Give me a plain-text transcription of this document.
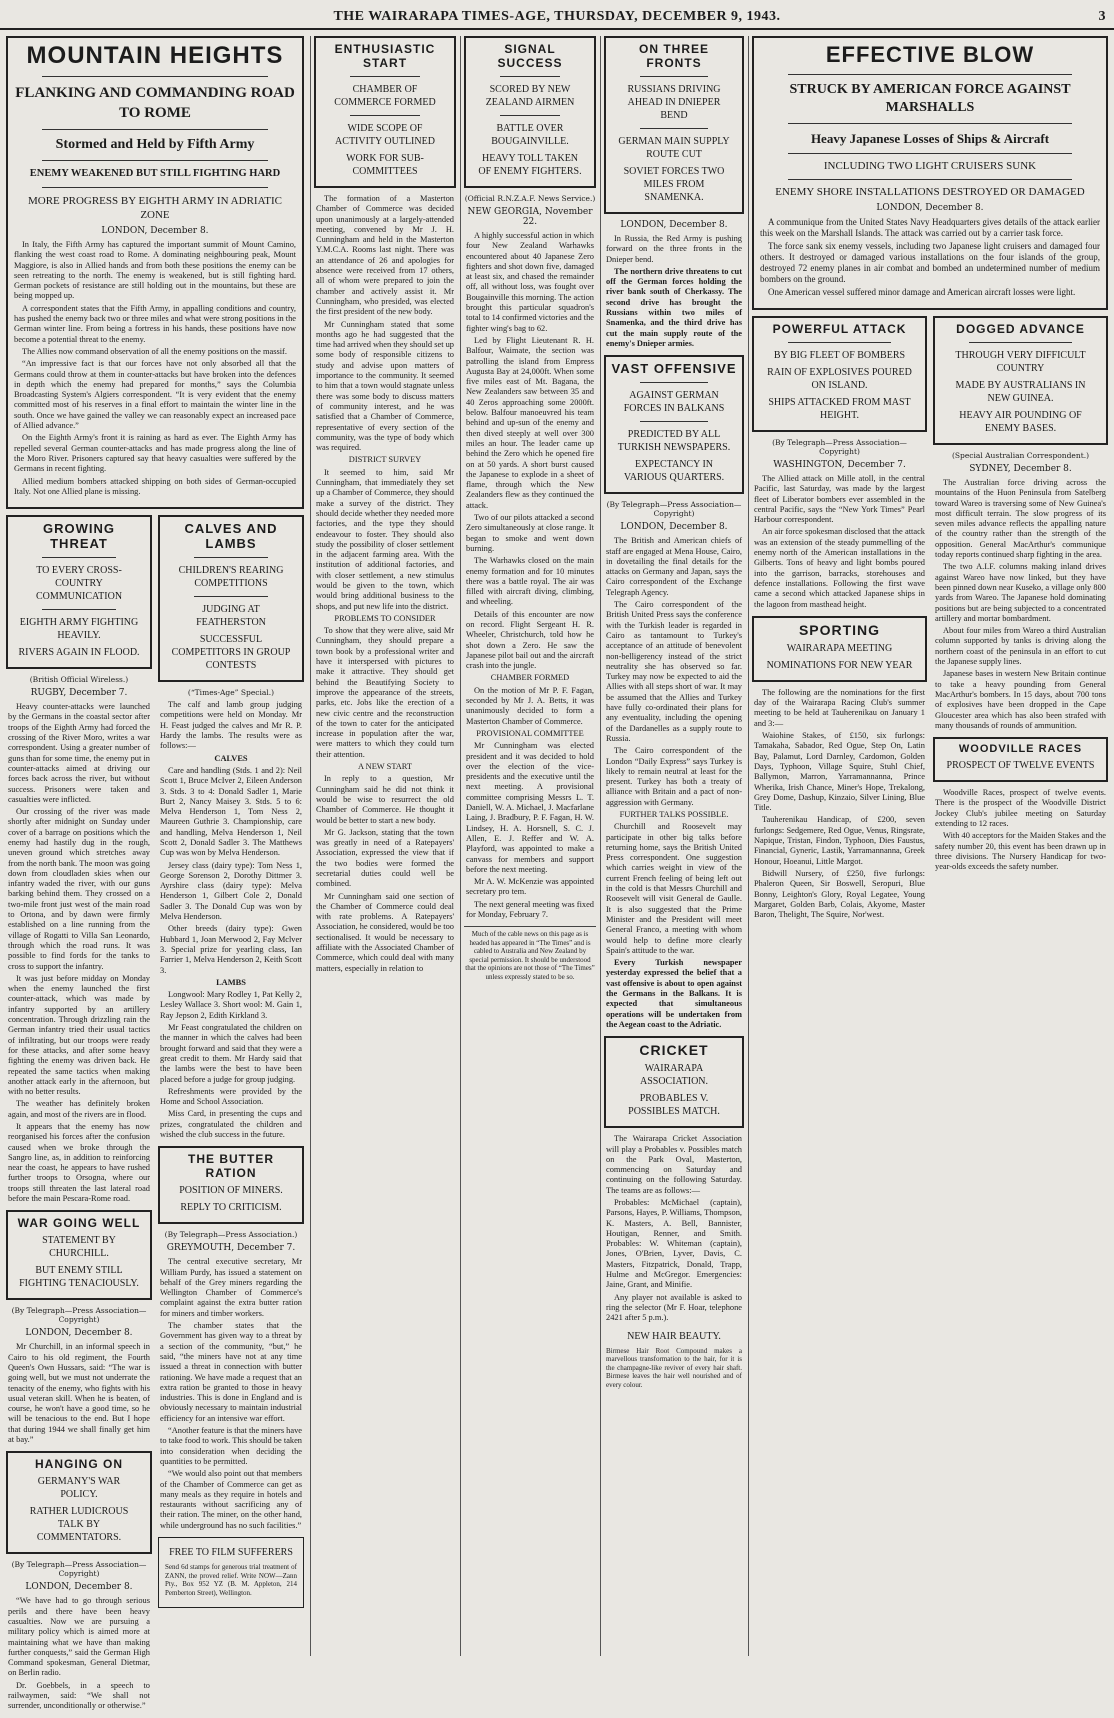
THE WAIRARAPA TIMES-AGE, THURSDAY, DECEMBER 9, 1943.	3
MOUNTAIN HEIGHTS
FLANKING AND COMMANDING ROAD TO ROME
Stormed and Held by Fifth Army
ENEMY WEAKENED BUT STILL FIGHTING HARD
MORE PROGRESS BY EIGHTH ARMY IN ADRIATIC ZONE
LONDON, December 8.

In Italy, the Fifth Army has captured the important summit of Mount Camino, flanking the west coast road to Rome. A dominating neighbouring peak, Mount Maggiore, is also in Allied hands and from both these positions the enemy can be seen retreating to the north. The enemy is weakened, but is still fighting hard. German pockets of resistance are still holding out in the mountains, but these are being mopped up.

A correspondent states that the Fifth Army, in appalling conditions and country, has pushed the enemy back two or three miles and what were strong positions in the German winter line. From being a fortress in his hands, these positions have now become a potential threat to the enemy.

The Allies now command observation of all the enemy positions on the massif.

“An impressive fact is that our forces have not only absorbed all that the Germans could throw at them in counter-attacks but have broken into the defences in depth which the enemy had prepared for months,” says the Columbia Broadcasting System's Algiers correspondent. “It is very evident that the enemy committed most of his reserves in a final effort to maintain the winter line in the south. Once we have gained the valley we can reasonably expect an increased pace of Allied advance.”

On the Eighth Army's front it is raining as hard as ever. The Eighth Army has repelled several German counter-attacks and has made progress along the line of the Moro River. Prisoners captured say that heavy casualties were suffered by the Germans in recent fighting.

Allied medium bombers attacked shipping on both sides of German-occupied Italy. Not one Allied plane is missing.

GROWING THREAT
TO EVERY CROSS-COUNTRY COMMUNICATION
EIGHTH ARMY FIGHTING HEAVILY.
RIVERS AGAIN IN FLOOD.
(British Official Wireless.)
RUGBY, December 7.

Heavy counter-attacks were launched by the Germans in the coastal sector after troops of the Eighth Army had forced the crossing of the River Moro, writes a war correspondent. Using a greater number of guns than for some time, the enemy put in counter-attacks aimed at driving our forces back across the river, but without success. Prisoners were taken and casualties were inflicted.

Our crossing of the river was made shortly after midnight on Sunday under cover of a barrage on positions which the enemy had hastily dug in the rough, uneven ground which stretches away from the north bank. The moon was going down from cloudladen skies when our infantry waded the river, with our guns barking behind them. They crossed on a two-mile front just west of the main road to Ortona, and by dawn were firmly established on a line running from the village of Rogatti to Villa San Leonardo, through which the road runs. It was possible to find fords for the tanks to cross to support the infantry.

It was just before midday on Monday when the enemy launched the first counter-attack, which was made by infantry supported by an artillery concentration. Through drizzling rain the German infantry tried their usual tactics of infiltrating, but our troops were ready for these attacks, and after some heavy fighting the enemy was driven back. He repeated the same tactics when making another attack early in the afternoon, but with no better results.

The weather has definitely broken again, and most of the rivers are in flood.

It appears that the enemy has now reorganised his forces after the confusion caused when we broke through the Sangro line, as, in addition to reinforcing near the coast, he appears to have rushed further troops to Orsogna, where our troops still threaten the last lateral road before the main Pescara-Rome road.

WAR GOING WELL
STATEMENT BY CHURCHILL.
BUT ENEMY STILL FIGHTING TENACIOUSLY.
(By Telegraph—Press Association—Copyright)
LONDON, December 8.

Mr Churchill, in an informal speech in Cairo to his old regiment, the Fourth Queen's Own Hussars, said: “The war is going well, but we must not underrate the tenacity of the enemy, who fights with his usual veteran skill. When he is beaten, of course, he won't have a good time, so he will be tenacious to the end. But I hope that during 1944 we shall finally get him at bay.”

HANGING ON
GERMANY'S WAR POLICY.
RATHER LUDICROUS TALK BY COMMENTATORS.
(By Telegraph—Press Association—Copyright)
LONDON, December 8.

“We have had to go through serious perils and there have been heavy casualties. Now we are pursuing a military policy which is aimed more at maintaining what we have than making further conquests,” said the German High Command spokesman, General Dietmar, on Berlin radio.

Dr. Goebbels, in a speech to railwaymen, said: “We shall not surrender, unconditionally or otherwise.”

CALVES AND LAMBS
CHILDREN'S REARING COMPETITIONS
JUDGING AT FEATHERSTON
SUCCESSFUL COMPETITORS IN GROUP CONTESTS
(“Times-Age” Special.)

The calf and lamb group judging competitions were held on Monday. Mr H. Feast judged the calves and Mr R. P. Hardy the lambs. The results were as follows:—

CALVES

Care and handling (Stds. 1 and 2): Neil Scott 1, Bruce McIver 2, Eileen Anderson 3. Stds. 3 to 4: Donald Sadler 1, Marie Burt 2, Nancy Maisey 3. Stds. 5 to 6: Melva Henderson 1, Tom Ness 2, Maureen Guthrie 3. Championship, care and handling, Melva Henderson 1, Neil Scott 2, Donald Sadler 3. The Matthews Cup was won by Melva Henderson.

Jersey class (dairy type): Tom Ness 1, George Sorenson 2, Dorothy Dittmer 3. Ayrshire class (dairy type): Melva Henderson 1, Gilbert Cole 2, Donald Sadler 3. The Donald Cup was won by Melva Henderson.

Other breeds (dairy type): Gwen Hubbard 1, Joan Merwood 2, Fay Mclver 3. Special prize for yearling class, Ian Farrier 1, Melva Henderson 2, Keith Scott 3.

LAMBS

Longwool: Mary Rodley 1, Pat Kelly 2, Lesley Wallace 3. Short wool: M. Gain 1, Ray Jepson 2, Edith Kirkland 3.

Mr Feast congratulated the children on the manner in which the calves had been brought forward and said that they were a great credit to them. Mr Hardy said that the lambs were the best to have been placed before a judge for group judging.

Refreshments were provided by the Home and School Association.

Miss Card, in presenting the cups and prizes, congratulated the children and wished the club success in the future.

THE BUTTER RATION
POSITION OF MINERS.
REPLY TO CRITICISM.
(By Telegraph—Press Association.)
GREYMOUTH, December 7.

The central executive secretary, Mr William Purdy, has issued a statement on behalf of the Grey miners regarding the Wellington Chamber of Commerce's complaint against the extra butter ration for miners and timber workers.

The chamber states that the Government has given way to a threat by a section of the community, “but,” he said, “the miners have not at any time issued a threat in connection with butter rationing. We have made a request that an extra ration be granted to those in heavy industries. This is done in England and is obviously necessary to maintain industrial efficiency for an intensive war effort.

“Another feature is that the miners have to take food to work. This should be taken into consideration when deciding the quantities to be permitted.

“We would also point out that members of the Chamber of Commerce can get as many meals as they require in hotels and restaurants without sacrificing any of their ration. The miner, on the other hand, while underground has no such facilities.”

FREE TO FILM SUFFERERS
Send 6d stamps for generous trial treatment of ZANN, the proved relief. Write NOW—Zann Pty., Box 952 YZ (B. M. Appleton, 214 Pemberton Street), Wellington.
ENTHUSIASTIC START
CHAMBER OF COMMERCE FORMED
WIDE SCOPE OF ACTIVITY OUTLINED
WORK FOR SUB-COMMITTEES

The formation of a Masterton Chamber of Commerce was decided upon unanimously at a largely-attended meeting, convened by Mr J. H. Cunningham and held in the Masterton Y.M.C.A. Rooms last night. There was an attendance of 26 and apologies for absence were received from 17 others, all of whom were prepared to join the chamber and actively assist it. Mr Cunningham, who presided, was elected the first president of the new body.

Mr Cunningham stated that some months ago he had suggested that the time had arrived when they should set up some body of responsible citizens to study and advise upon matters of importance to the community. It seemed to him that a town would stagnate unless there was some body to discuss matters of community interest, and he was satisfied that a Chamber of Commerce, representative of every section of the community, was the type of body which was required.

DISTRICT SURVEY

It seemed to him, said Mr Cunningham, that immediately they set up a Chamber of Commerce, they should make a survey of the district. They should decide whether they needed more factories, and the type they should endeavour to foster. They should also study the possibility of closer settlement in the adjacent farming area. With the institution of additional factories, and with closer settlement, a new stimulus would be given to the town, which would bring additional business to the shops, and put new life into the district.

PROBLEMS TO CONSIDER

To show that they were alive, said Mr Cunningham, they should prepare a town book by a professional writer and have it interspersed with pictures to make it attractive. They should get behind the Beautifying Society to improve the appearance of the streets, parks, etc. Jobs like the erection of a new civic centre and the reconstruction of the town to cater for the anticipated increase in population after the war, were matters to which they could turn their attention.

A NEW START

In reply to a question, Mr Cunningham said he did not think it would be wise to resurrect the old Chamber of Commerce. He thought it would be better to start a new body.

Mr G. Jackson, stating that the town was greatly in need of a Ratepayers' Association, expressed the view that if the two bodies were formed the secretarial duties could well be combined.

Mr Cunningham said one section of the Chamber of Commerce could deal with rate problems. A Ratepayers' Association, he considered, would be too sectionalised. It would be necessary to affiliate with the Associated Chamber of Commerce, which could deal with many matters, especially in relation to

SIGNAL SUCCESS
SCORED BY NEW ZEALAND AIRMEN
BATTLE OVER BOUGAINVILLE.
HEAVY TOLL TAKEN OF ENEMY FIGHTERS.
(Official R.N.Z.A.F. News Service.)
NEW GEORGIA, November 22.

A highly successful action in which four New Zealand Warhawks encountered about 40 Japanese Zero fighters and shot down five, damaged at least six, and chased the remainder off, all without loss, was fought over Bougainville this morning. The action brought this particular squadron's total to 14 confirmed victories and the fighter wing's bag to 62.

Led by Flight Lieutenant R. H. Balfour, Waimate, the section was patrolling the island from Empress Augusta Bay at 24,000ft. When some five miles east of Mt. Bagana, the New Zealanders saw between 35 and 40 Zeros approaching some 2000ft. below. Balfour manoeuvred his team behind and up-sun of the enemy and then dived steeply at well over 300 miles an hour. The leader came up behind the Zero which he opened fire on at 50 yards. A short burst caused the Japanese to explode in a sheet of flame, through which the New Zealanders flew as they continued the attack.

Two of our pilots attacked a second Zero simultaneously at close range. It began to smoke and went down burning.

The Warhawks closed on the main enemy formation and for 10 minutes there was a battle royal. The air was filled with aircraft diving, climbing, and wheeling.

Details of this encounter are now on record. Flight Sergeant H. R. Wheeler, Christchurch, told how he shot down a Zero. He saw the Japanese pilot bail out and the aircraft crash into the jungle.

CHAMBER FORMED

On the motion of Mr P. F. Fagan, seconded by Mr J. A. Betts, it was unanimously decided to form a Masterton Chamber of Commerce.

PROVISIONAL COMMITTEE

Mr Cunningham was elected president and it was decided to hold over the election of the vice-presidents and the executive until the next meeting. A provisional committee comprising Messrs L. T. Daniell, W. A. Michael, J. Macfarlane Laing, J. Bradbury, P. F. Fagan, H. W. Lindsey, H. A. Horsnell, S. C. J. Allen, E. J. Reffer and W. A. Playford, was appointed to make a canvass for members and support before the next meeting.

Mr A. W. McKenzie was appointed secretary pro tem.

The next general meeting was fixed for Monday, February 7.

Much of the cable news on this page as is headed has appeared in “The Times” and is cabled to Australia and New Zealand by special permission. It should be understood that the opinions are not those of “The Times” unless expressly stated to be so.
ON THREE FRONTS
RUSSIANS DRIVING AHEAD IN DNIEPER BEND
GERMAN MAIN SUPPLY ROUTE CUT
SOVIET FORCES TWO MILES FROM SNAMENKA.
LONDON, December 8.

In Russia, the Red Army is pushing forward on the three fronts in the Dnieper bend.

The northern drive threatens to cut off the German forces holding the river bank south of Cherkassy. The second drive has brought the Russians within two miles of Snamenka, and the third drive has cut the main supply route of the enemy's Dnieper armies.

VAST OFFENSIVE
AGAINST GERMAN FORCES IN BALKANS
PREDICTED BY ALL TURKISH NEWSPAPERS.
EXPECTANCY IN VARIOUS QUARTERS.
(By Telegraph—Press Association—Copyright)
LONDON, December 8.

The British and American chiefs of staff are engaged at Mena House, Cairo, in dovetailing the final details for the attacks on Germany and Japan, says the Cairo correspondent of the Exchange Telegraph Agency.

The Cairo correspondent of the British United Press says the conference with the Turkish leader is regarded in Cairo as tantamount to Turkey's acceptance of an attitude of benevolent non-belligerency instead of the strict neutrality she has observed so far. Turkey may now be expected to aid the Allies with all steps short of war. It may be assumed that the Allies and Turkey have fully co-ordinated their plans for any eventuality, including the opening of the Dardanelles as a supply route to Russia.

The Cairo correspondent of the London “Daily Express” says Turkey is likely to remain neutral at least for the present. Turkey has both a treaty of alliance with Britain and a pact of non-aggression with Germany.

FURTHER TALKS POSSIBLE.

Churchill and Roosevelt may participate in other big talks before returning home, says the British United Press correspondent. One suggestion which carries weight in view of the current French feeling of being left out in the cold is that Messrs Churchill and Roosevelt will visit General de Gaulle. It is also suggested that the Prime Minister and the President will meet General Franco, a meeting with whom would help to define more clearly Spain's attitude to the war.

Every Turkish newspaper yesterday expressed the belief that a vast offensive is about to open against the Germans in the Balkans. It is expected that simultaneous operations will be undertaken from the Aegean coast to the Adriatic.

CRICKET
WAIRARAPA ASSOCIATION.
PROBABLES V. POSSIBLES MATCH.

The Wairarapa Cricket Association will play a Probables v. Possibles match on the Park Oval, Masterton, commencing on Saturday and continuing on the following Saturday. The teams are as follows:—

Probables: McMichael (captain), Parsons, Hayes, P. Williams, Thompson, K. Masters, A. Bell, Bannister, Houtigan, Renner, and Smith. Probables: W. Whiteman (captain), Jones, O'Brien, Lyver, Davis, C. Masters, Fitzpatrick, Donald, Trapp, Hulme and McGregor. Emergencies: Jaine, Grant, and Minifie.

Any player not available is asked to ring the selector (Mr F. Hoar, telephone 2421 after 5 p.m.).

NEW HAIR BEAUTY.
Birmese Hair Root Compound makes a marvellous transformation to the hair, for it is the champagne-like reviver of every hair shaft. Birmese leaves the hair well nourished and of every colour.
EFFECTIVE BLOW
STRUCK BY AMERICAN FORCE AGAINST MARSHALLS
Heavy Japanese Losses of Ships & Aircraft
INCLUDING TWO LIGHT CRUISERS SUNK
ENEMY SHORE INSTALLATIONS DESTROYED OR DAMAGED
LONDON, December 8.

A communique from the United States Navy Headquarters gives details of the attack earlier this week on the Marshall Islands. The attack was carried out by a carrier task force.

The force sank six enemy vessels, including two Japanese light cruisers and damaged four others. It destroyed or damaged various installations on the four islands of the group, destroyed 72 enemy planes in air combat and bombed an undetermined number of medium bombers on the ground.

One American vessel suffered minor damage and American aircraft losses were light.

POWERFUL ATTACK
BY BIG FLEET OF BOMBERS
RAIN OF EXPLOSIVES POURED ON ISLAND.
SHIPS ATTACKED FROM MAST HEIGHT.
(By Telegraph—Press Association—Copyright)
WASHINGTON, December 7.

The Allied attack on Mille atoll, in the central Pacific, last Saturday, was made by the largest fleet of Liberator bombers ever assembled in the central Pacific, says the “New York Times” Pearl Harbour correspondent.

An air force spokesman disclosed that the attack was an extension of the steady pummelling of the enemy north of the American installations in the Gilberts. Tons of heavy and light bombs poured into the garrison, barracks, storehouses and defence installations. Following the first wave came a second which attacked Japanese ships in the lagoon from masthead height.

SPORTING
WAIRARAPA MEETING
NOMINATIONS FOR NEW YEAR

The following are the nominations for the first day of the Wairarapa Racing Club's summer meeting to be held at Tauherenikau on January 1 and 3:—

Waiohine Stakes, of £150, six furlongs: Tamakaha, Sabador, Red Ogue, Step On, Latin Bay, Palamut, Lord Darnley, Cardomon, Golden Days, Typhoon, Village Squire, Stuhl Chief, Ballymon, Marron, Yarramannanna, Prince Wherika, Irish Chance, Miner's Hope, Trekalong, Grey Dome, Dashup, Kinzaio, Silver Lining, Blue Title.

Tauherenikau Handicap, of £200, seven furlongs: Sedgemere, Red Ogue, Venus, Ringsrate, Napique, Tristan, Findon, Typhoon, Dies Faustus, Financial, Gyneric, Lastik, Yarramannanna, Greek Honour, Hoeanui, Little Margot.

Bidwill Nursery, of £250, five furlongs: Phaleron Queen, Sir Boswell, Seropuri, Blue Bonny, Leighton's Glory, Royal Legatee, Young Margaret, Golden Barb, Colais, Akyome, Master Baron, Thelight, The Squire, Nor'west.

DOGGED ADVANCE
THROUGH VERY DIFFICULT COUNTRY
MADE BY AUSTRALIANS IN NEW GUINEA.
HEAVY AIR POUNDING OF ENEMY BASES.
(Special Australian Correspondent.)
SYDNEY, December 8.

The Australian force driving across the mountains of the Huon Peninsula from Satelberg toward Wareo is traversing some of New Guinea's most difficult terrain. The slow progress of its seven miles advance reflects the appalling nature of the country rather than the strength of the opposition. General MacArthur's communique today reports continued sharp fighting in the area.

The two A.I.F. columns making inland drives against Wareo have now linked, but they have been pinned down near Kuseko, a village only 800 yards from Wareo. The Japanese hold dominating positions but are being subjected to a concentrated artillery and mortar bombardment.

About four miles from Wareo a third Australian column supported by tanks is driving along the northern coast of the peninsula in an effort to cut the Japanese supply lines.

Japanese bases in western New Britain continue to take a heavy pounding from General MacArthur's bombers. In 15 days, about 700 tons of explosives have been dropped in the Cape Gloucester area which has also been strafed with many thousands of rounds of ammunition.

WOODVILLE RACES
PROSPECT OF TWELVE EVENTS

Woodville Races, prospect of twelve events. There is the prospect of the Woodville District Jockey Club's jubilee meeting on Saturday extending to 12 races.

With 40 acceptors for the Maiden Stakes and the safety number 20, this event has been drawn up in three divisions. The Nursery Handicap for two-year-olds exceeds the safety number.
